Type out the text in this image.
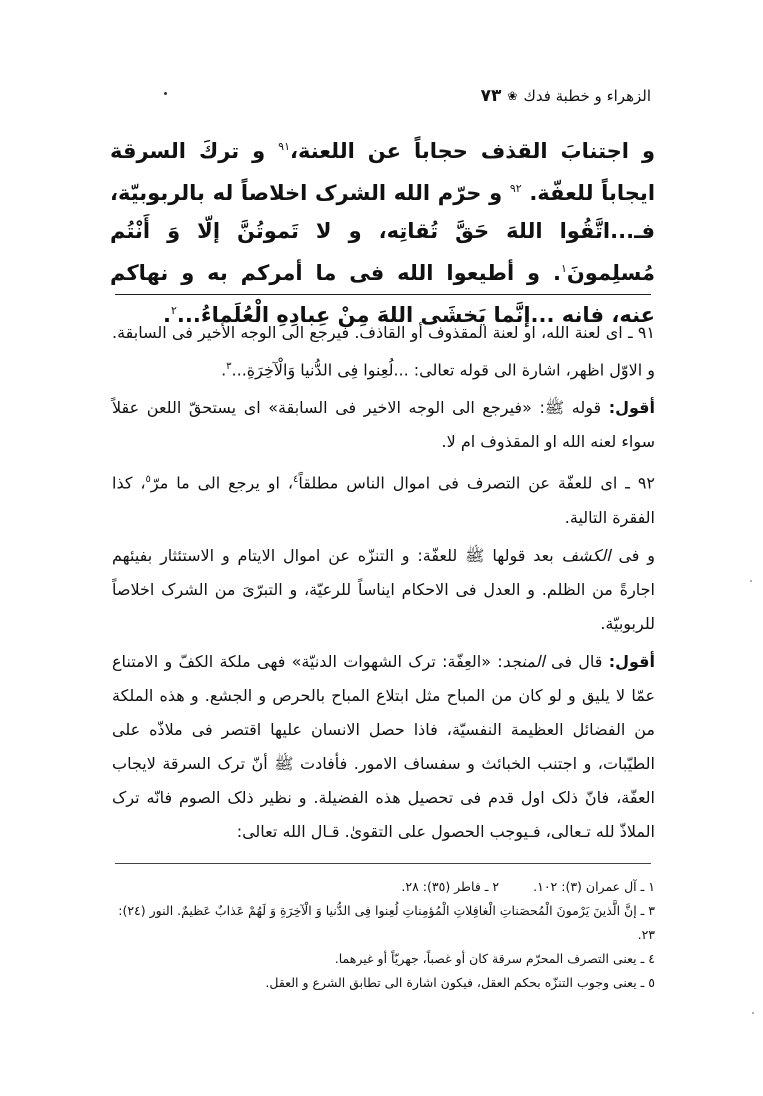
الزهراء و خطبة فدك
❀
٧٣
و اجتنابَ القذف حجاباً عن اللعنة،$^{٩١}$ و تركَ السرقة ايجاباً للعفّة. $^{٩٢}$ و حرّم الله الشرک اخلاصاً له بالربوبيّة، فـ...اتَّقُوا اللهَ حَقَّ تُقاتِه، و لا تَموتُنَّ إلّا وَ أَنْتُم مُسلِمونَ$^١$. و أطيعوا الله فی ما أمركم به و نهاكم عنه، فانه ...إنَّما يَخشَى اللهَ مِنْ عِبادِهِ الْعُلَماءُ...$^٢$.

٩١ ـ اى لعنة الله، او لعنة المقذوف أو القاذف. فيرجع الى الوجه الأخير فی السابقة. و الاوّل اظهر، اشارة الى قوله تعالى: ...لُعِنوا فِى الدُّنيا وَالْآخِرَةِ...$^٣$.

أقول: قوله ﷺ: «فيرجع الى الوجه الاخير فی السابقة» اى يستحقّ اللعن عقلاً سواء لعنه الله او المقذوف ام لا.

٩٢ ـ اى للعفّة عن التصرف فی اموال الناس مطلقاً$^٤$، او يرجع الى ما مرّ$^٥$، كذا الفقرة التالية.

و فی الكشف بعد قولها ﷺ للعفّة: و التنزّه عن اموال الايتام و الاستئثار بفيئهم اجارةً من الظلم. و العدل فی الاحكام ايناساً للرعيّة، و التبرّیَ من الشرک اخلاصاً للربوبيّة.

أقول: قال فی المنجد: «العِفّة: ترک الشهوات الدنيّة» فهی ملكة الكفّ و الامتناع عمّا لا يليق و لو كان من المباح مثل ابتلاع المباح بالحرص و الجشع. و هذه الملكة من الفضائل العظيمة النفسيّة، فاذا حصل الانسان عليها اقتصر فی ملاذّه على الطيّبات، و اجتنب الخبائث و سفساف الامور. فأفادت ﷺ أنّ ترک السرقة لايجاب العفّة، فانّ ذلک اول قدم فی تحصيل هذه الفضيلة. و نظير ذلک الصوم فانّه ترک الملاذّ لله تـعالى، فـيوجب الحصول على التقوىٰ. قـال الله تعالى:

١ ـ آل عمران (٣): ١٠٢.

٢ ـ فاطر (٣٥): ٢٨.

٣ ـ إنَّ الَّذينَ يَرْمونَ الْمُحصَناتِ الْغافِلاتِ الْمُؤمِناتِ لُعِنوا فِى الدُّنيا وَ الْآخِرَةِ وَ لَهُمْ عَذابٌ عَظيمٌ. النور (٢٤): ٢٣.

٤ ـ يعنى التصرف المحرّم سرقة كان أو غصباً، جهريّاً أو غيرهما.

٥ ـ يعنى وجوب التنزّه بحكم العقل، فيكون اشارة الى تطابق الشرع و العقل.
